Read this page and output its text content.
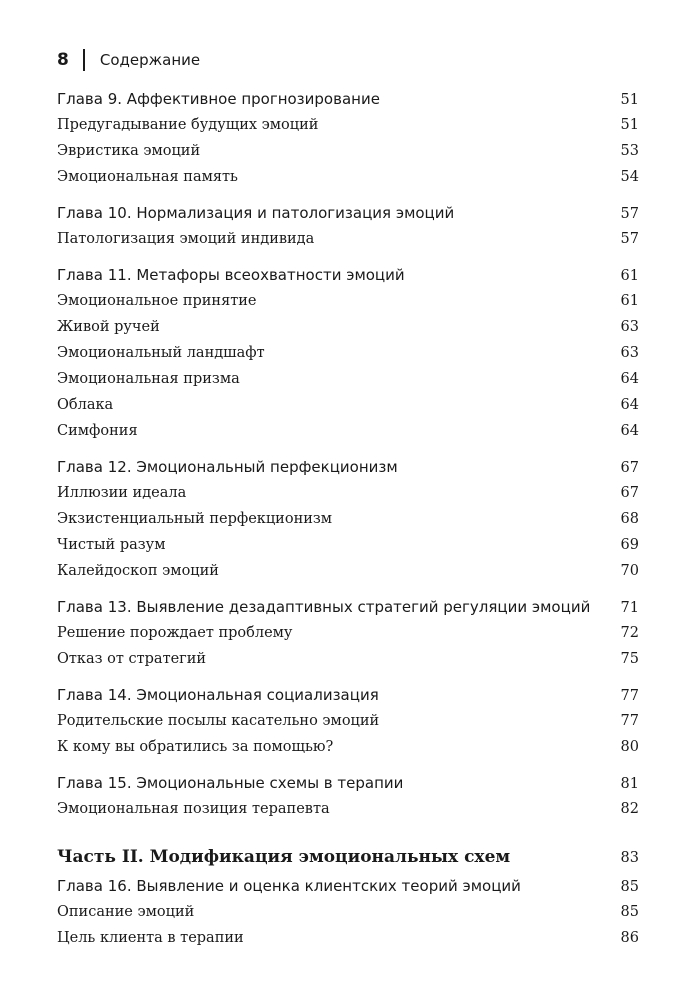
8 Содержание
Глава 9. Аффективное прогнозирование	51
Предугадывание будущих эмоций	51
Эвристика эмоций	53
Эмоциональная память	54
Глава 10. Нормализация и патологизация эмоций	57
Патологизация эмоций индивида	57
Глава 11. Метафоры всеохватности эмоций	61
Эмоциональное принятие	61
Живой ручей	63
Эмоциональный ландшафт	63
Эмоциональная призма	64
Облака	64
Симфония	64
Глава 12. Эмоциональный перфекционизм	67
Иллюзии идеала	67
Экзистенциальный перфекционизм	68
Чистый разум	69
Калейдоскоп эмоций	70
Глава 13. Выявление дезадаптивных стратегий регуляции эмоций 71
Решение порождает проблему	72
Отказ от стратегий	75
Глава 14. Эмоциональная социализация	77
Родительские посылы касательно эмоций	77
К кому вы обратились за помощью?	80
Глава 15. Эмоциональные схемы в терапии	81
Эмоциональная позиция терапевта	82
Часть II. Модификация эмоциональных схем	83
Глава 16. Выявление и оценка клиентских теорий эмоций	85
Описание эмоций	85
Цель клиента в терапии	86
